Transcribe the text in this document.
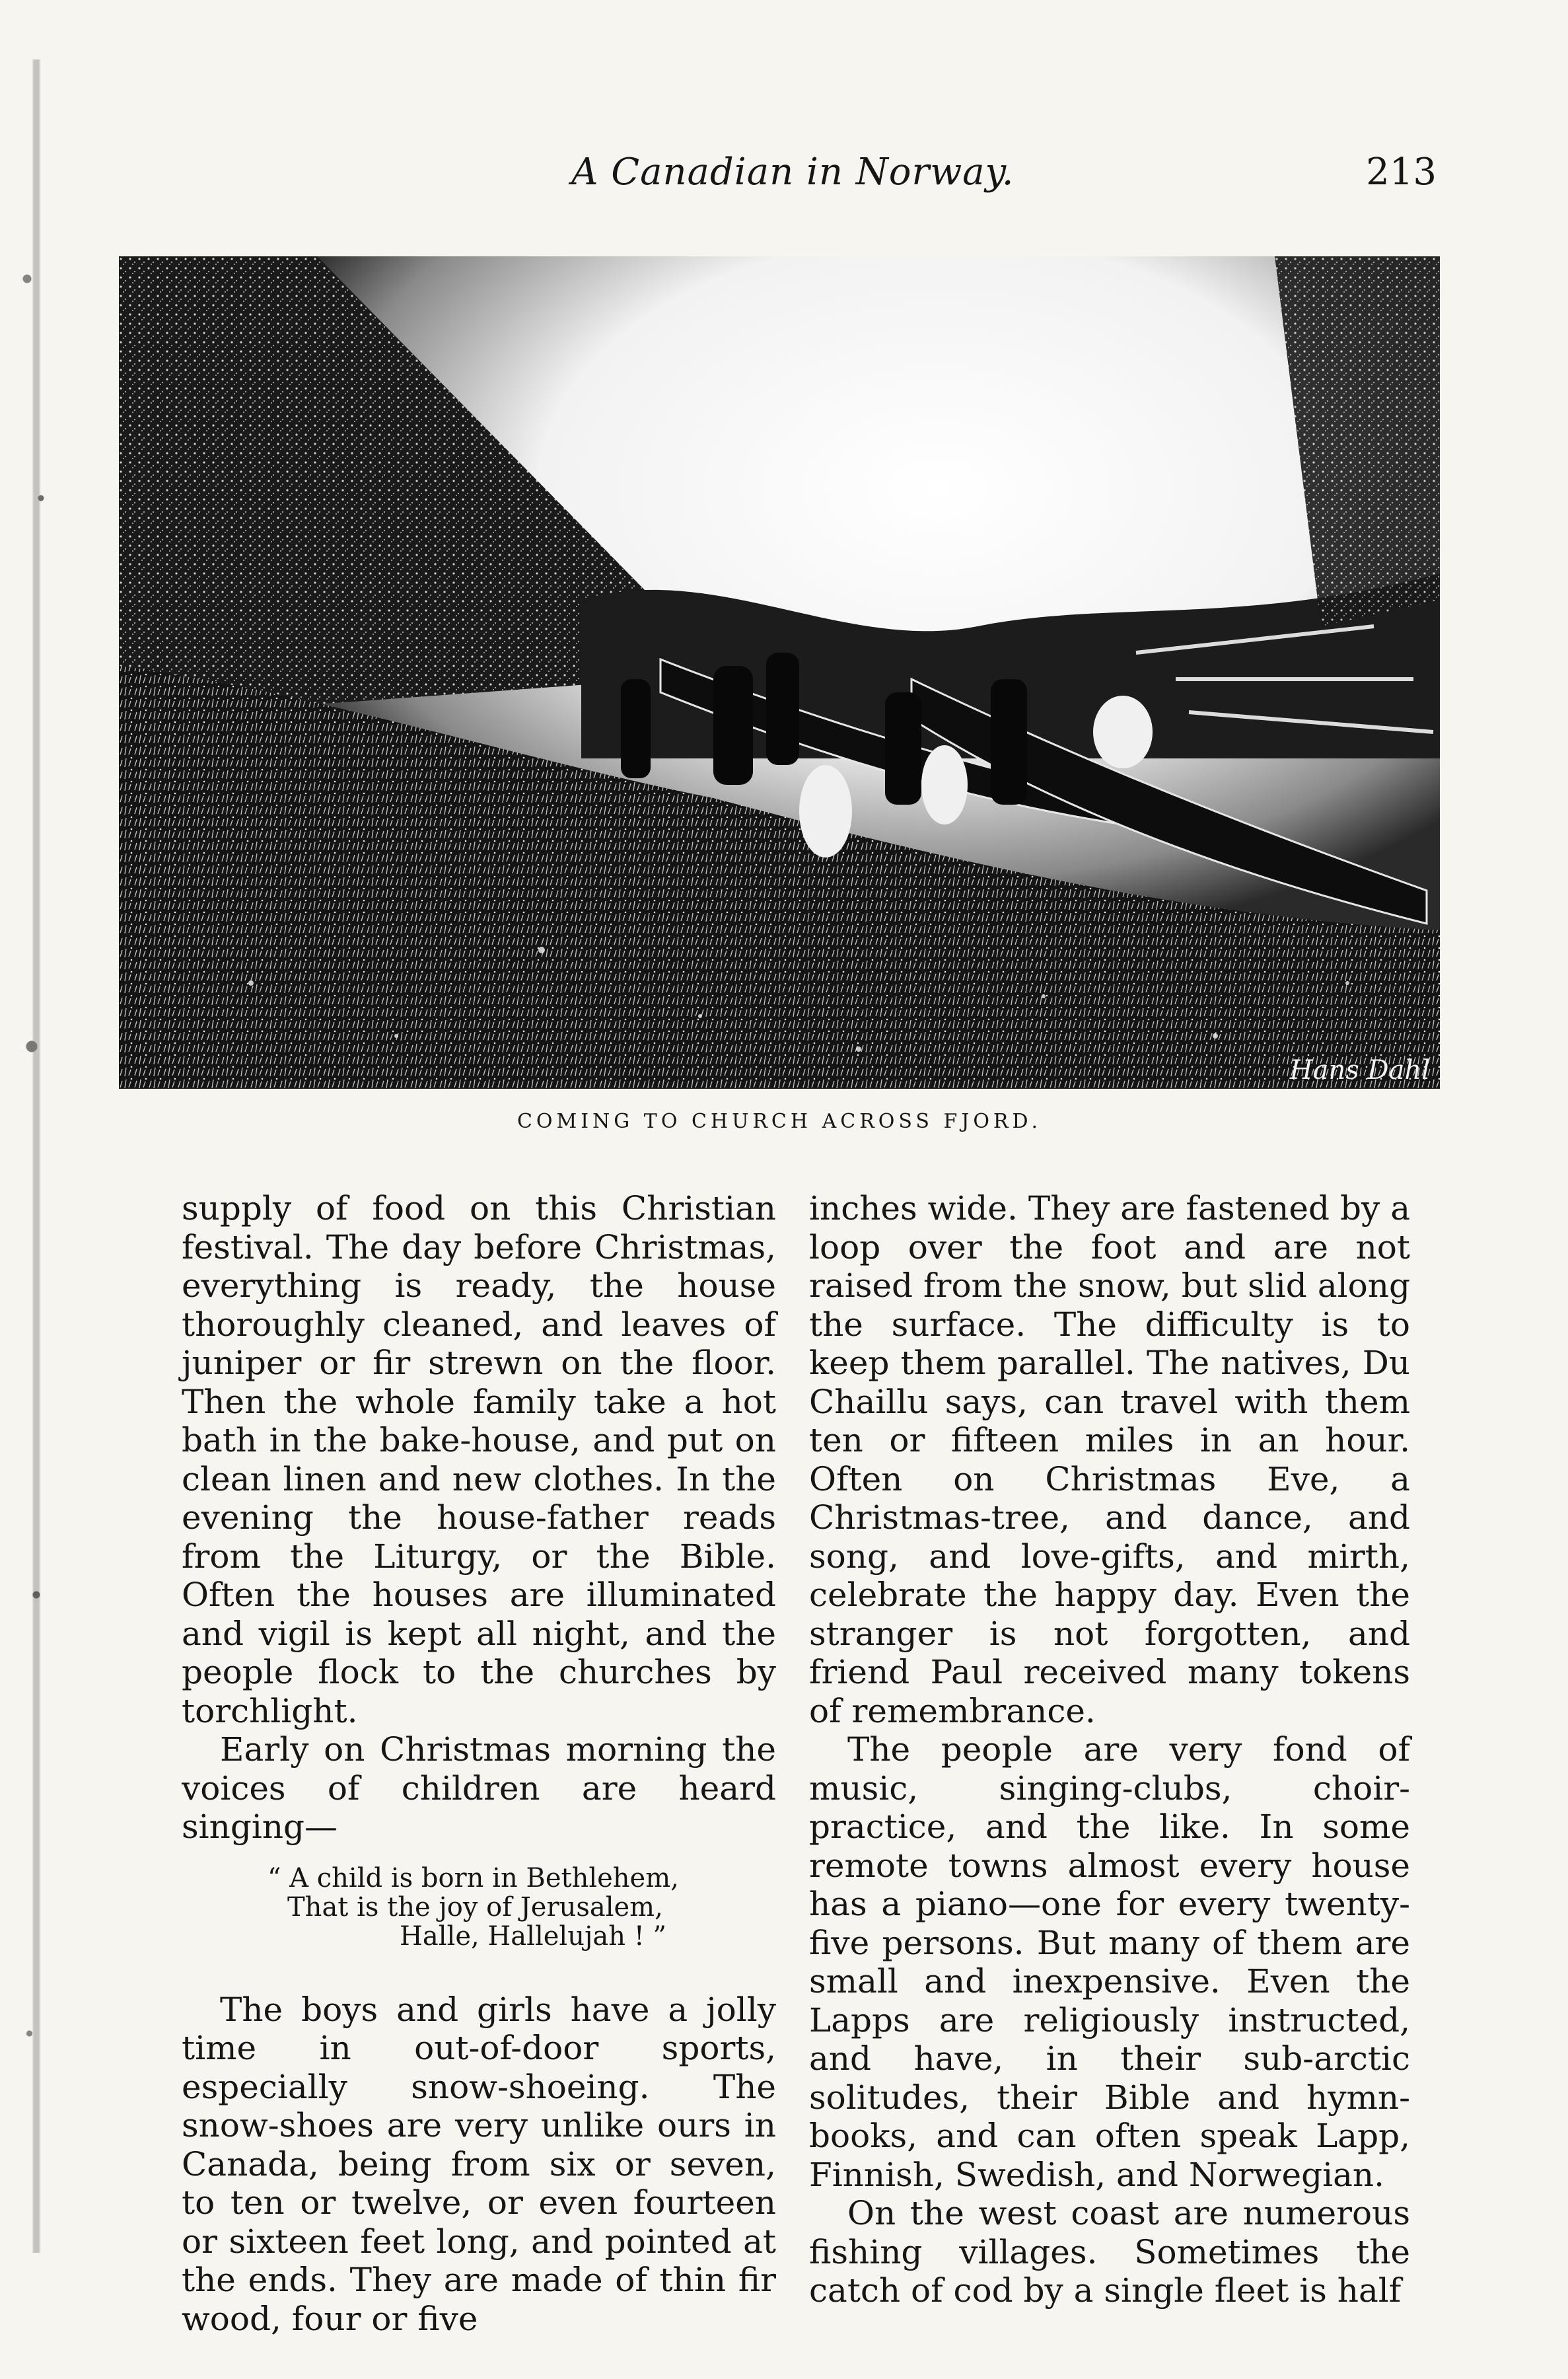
A Canadian in Norway.	213
Hans Dahl
COMING TO CHURCH ACROSS FJORD.

supply of food on this Christian festival. The day before Christmas, everything is ready, the house thoroughly cleaned, and leaves of juniper or fir strewn on the floor. Then the whole family take a hot bath in the bake-house, and put on clean linen and new clothes. In the evening the house-father reads from the Liturgy, or the Bible. Often the houses are illuminated and vigil is kept all night, and the people flock to the churches by torchlight.

Early on Christmas morning the voices of children are heard singing—

“ A child is born in Bethlehem,
That is the joy of Jerusalem,
Halle, Hallelujah ! ”

The boys and girls have a jolly time in out-of-door sports, especially snow-shoeing. The snow-shoes are very unlike ours in Canada, being from six or seven, to ten or twelve, or even fourteen or sixteen feet long, and pointed at the ends. They are made of thin fir wood, four or five

inches wide. They are fastened by a loop over the foot and are not raised from the snow, but slid along the surface. The difficulty is to keep them parallel. The natives, Du Chaillu says, can travel with them ten or fifteen miles in an hour. Often on Christmas Eve, a Christmas-tree, and dance, and song, and love-gifts, and mirth, celebrate the happy day. Even the stranger is not forgotten, and friend Paul received many tokens of remembrance.

The people are very fond of music, singing-clubs, choir-practice, and the like. In some remote towns almost every house has a piano—one for every twenty-five persons. But many of them are small and inexpensive. Even the Lapps are religiously instructed, and have, in their sub-arctic solitudes, their Bible and hymn-books, and can often speak Lapp, Finnish, Swedish, and Norwegian.

On the west coast are numerous fishing villages. Sometimes the catch of cod by a single fleet is half
